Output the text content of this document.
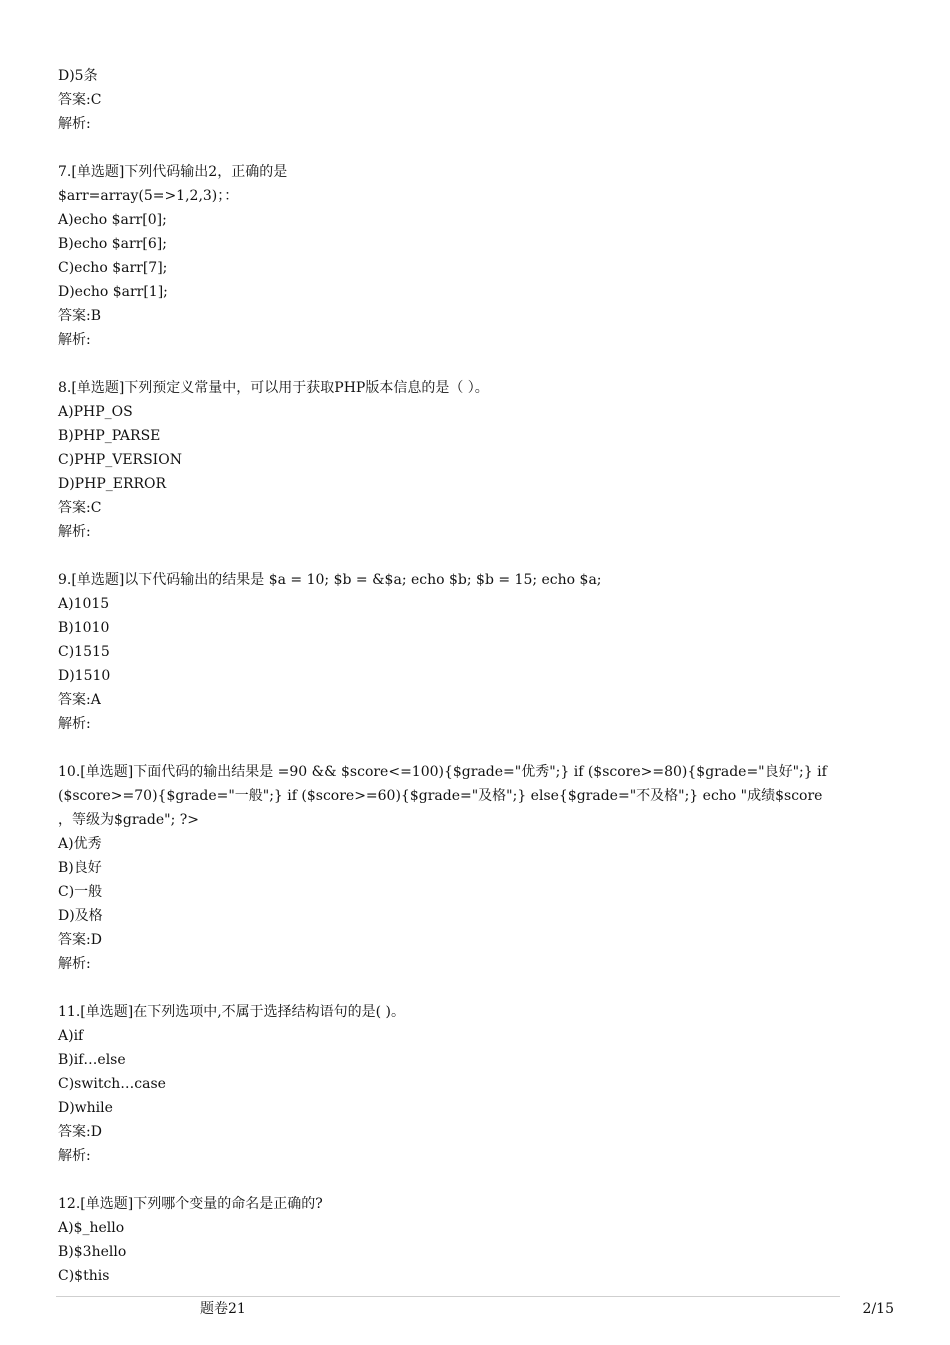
D)5条
答案:C
解析:
7.[单选题]下列代码输出2，正确的是
$arr=array(5=>1,2,3)；：
A)echo $arr[0];
B)echo $arr[6];
C)echo $arr[7];
D)echo $arr[1];
答案:B
解析:
8.[单选题]下列预定义常量中，可以用于获取PHP版本信息的是（ ）。
A)PHP_OS
B)PHP_PARSE
C)PHP_VERSION
D)PHP_ERROR
答案:C
解析:
9.[单选题]以下代码输出的结果是 $a = 10; $b = &$a; echo $b; $b = 15; echo $a;
A)1015
B)1010
C)1515
D)1510
答案:A
解析:
10.[单选题]下面代码的输出结果是 =90 && $score<=100){$grade="优秀";} if ($score>=80){$grade="良好";} if
($score>=70){$grade="一般";} if ($score>=60){$grade="及格";} else{$grade="不及格";} echo "成绩$score
，等级为$grade"; ?>
A)优秀
B)良好
C)一般
D)及格
答案:D
解析:
11.[单选题]在下列选项中,不属于选择结构语句的是( )。
A)if
B)if…else
C)switch…case
D)while
答案:D
解析:
12.[单选题]下列哪个变量的命名是正确的?
A)$_hello
B)$3hello
C)$this
题卷21	2/15
